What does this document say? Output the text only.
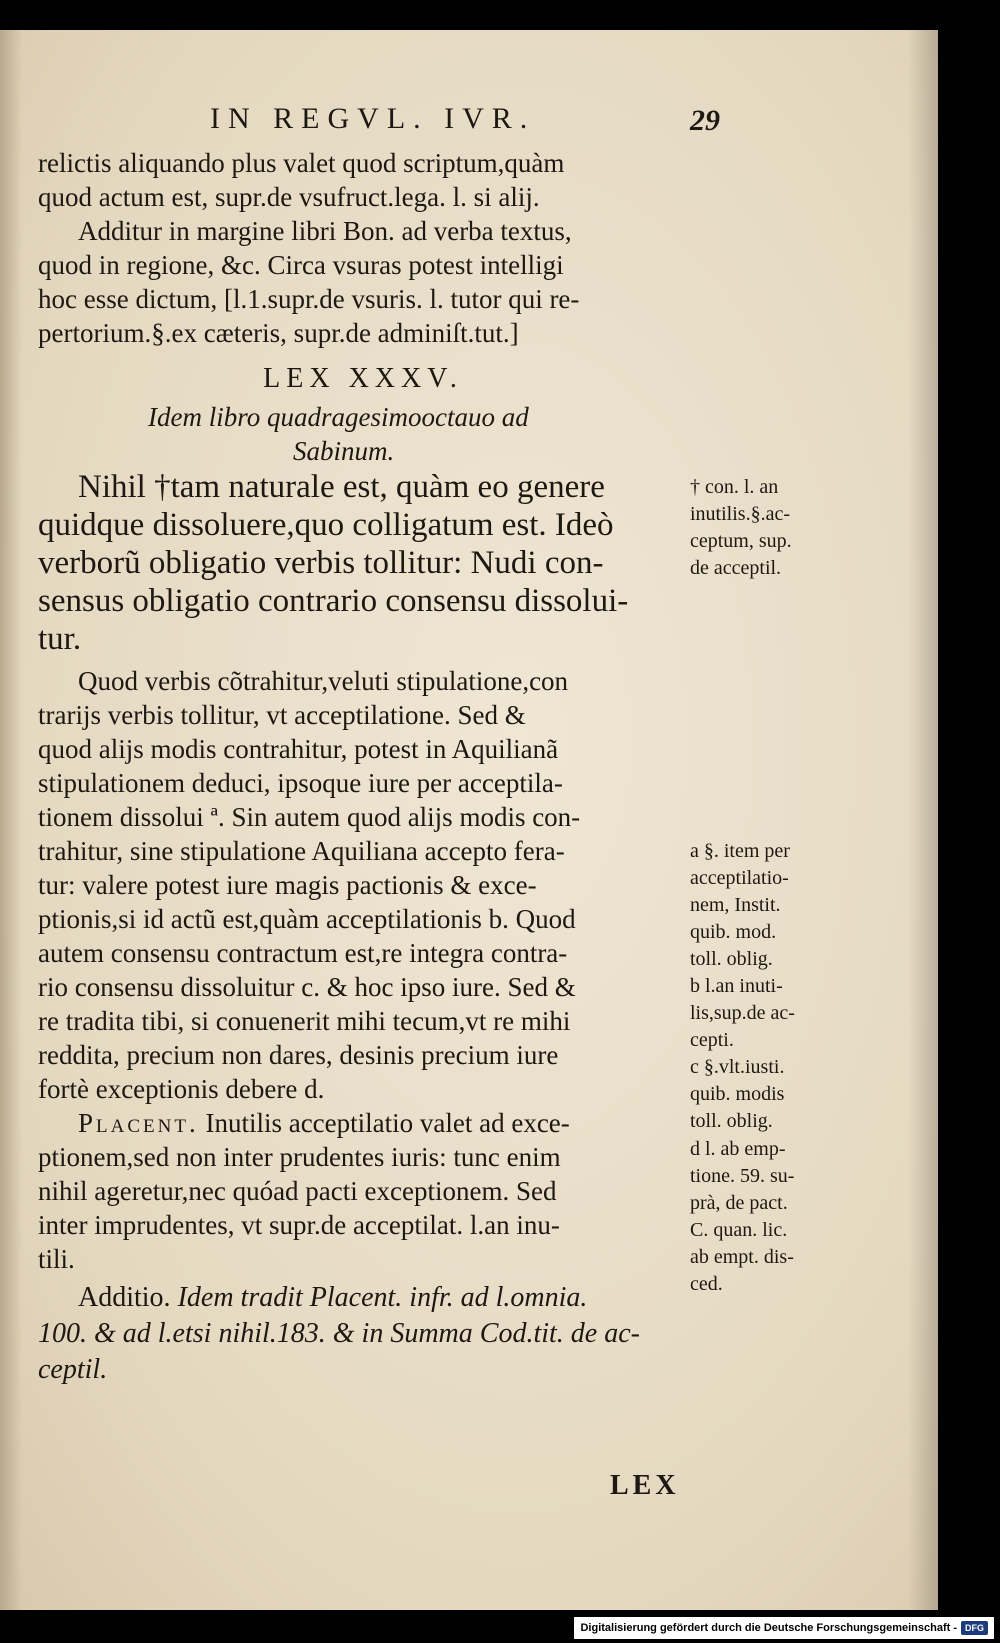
IN REGVL. IVR.	29

relictis aliquando plus valet quod scriptum,quàm
quod actum est, supr.de vsufruct.lega. l. si alij.

Additur in margine libri Bon. ad verba textus,
quod in regione, &c. Circa vsuras potest intelligi
hoc esse dictum, [l.1.supr.de vsuris. l. tutor qui re-
pertorium.§.ex cæteris, supr.de adminiſt.tut.]

LEX XXXV.
Idem libro quadragesimooctauo ad
Sabinum.

Nihil †tam naturale est, quàm eo genere
quidque dissoluere,quo colligatum est. Ideò
verborũ obligatio verbis tollitur: Nudi con-
sensus obligatio contrario consensu dissolui-
tur.

Quod verbis cõtrahitur,veluti stipulatione,con
trarijs verbis tollitur, vt acceptilatione. Sed &
quod alijs modis contrahitur, potest in Aquilianã
stipulationem deduci, ipsoque iure per acceptila-
tionem dissolui ª. Sin autem quod alijs modis con-
trahitur, sine stipulatione Aquiliana accepto fera-
tur: valere potest iure magis pactionis & exce-
ptionis,si id actũ est,quàm acceptilationis b. Quod
autem consensu contractum est,re integra contra-
rio consensu dissoluitur c. & hoc ipso iure. Sed &
re tradita tibi, si conuenerit mihi tecum,vt re mihi
reddita, precium non dares, desinis precium iure
fortè exceptionis debere d.

Placent. Inutilis acceptilatio valet ad exce-
ptionem,sed non inter prudentes iuris: tunc enim
nihil ageretur,nec quóad pacti exceptionem. Sed
inter imprudentes, vt supr.de acceptilat. l.an inu-
tili.

Additio. Idem tradit Placent. infr. ad l.omnia.
100. & ad l.etsi nihil.183. & in Summa Cod.tit. de ac-
ceptil.

LEX
† con. l. an
inutilis.§.ac-
ceptum, sup.
de acceptil.
a §. item per
acceptilatio-
nem, Instit.
quib. mod.
toll. oblig.
b l.an inuti-
lis,sup.de ac-
cepti.
c §.vlt.iusti.
quib. modis
toll. oblig.
d l. ab emp-
tione. 59. su-
prà, de pact.
C. quan. lic.
ab empt. dis-
ced.
Digitalisierung gefördert durch die Deutsche Forschungsgemeinschaft - DFG
